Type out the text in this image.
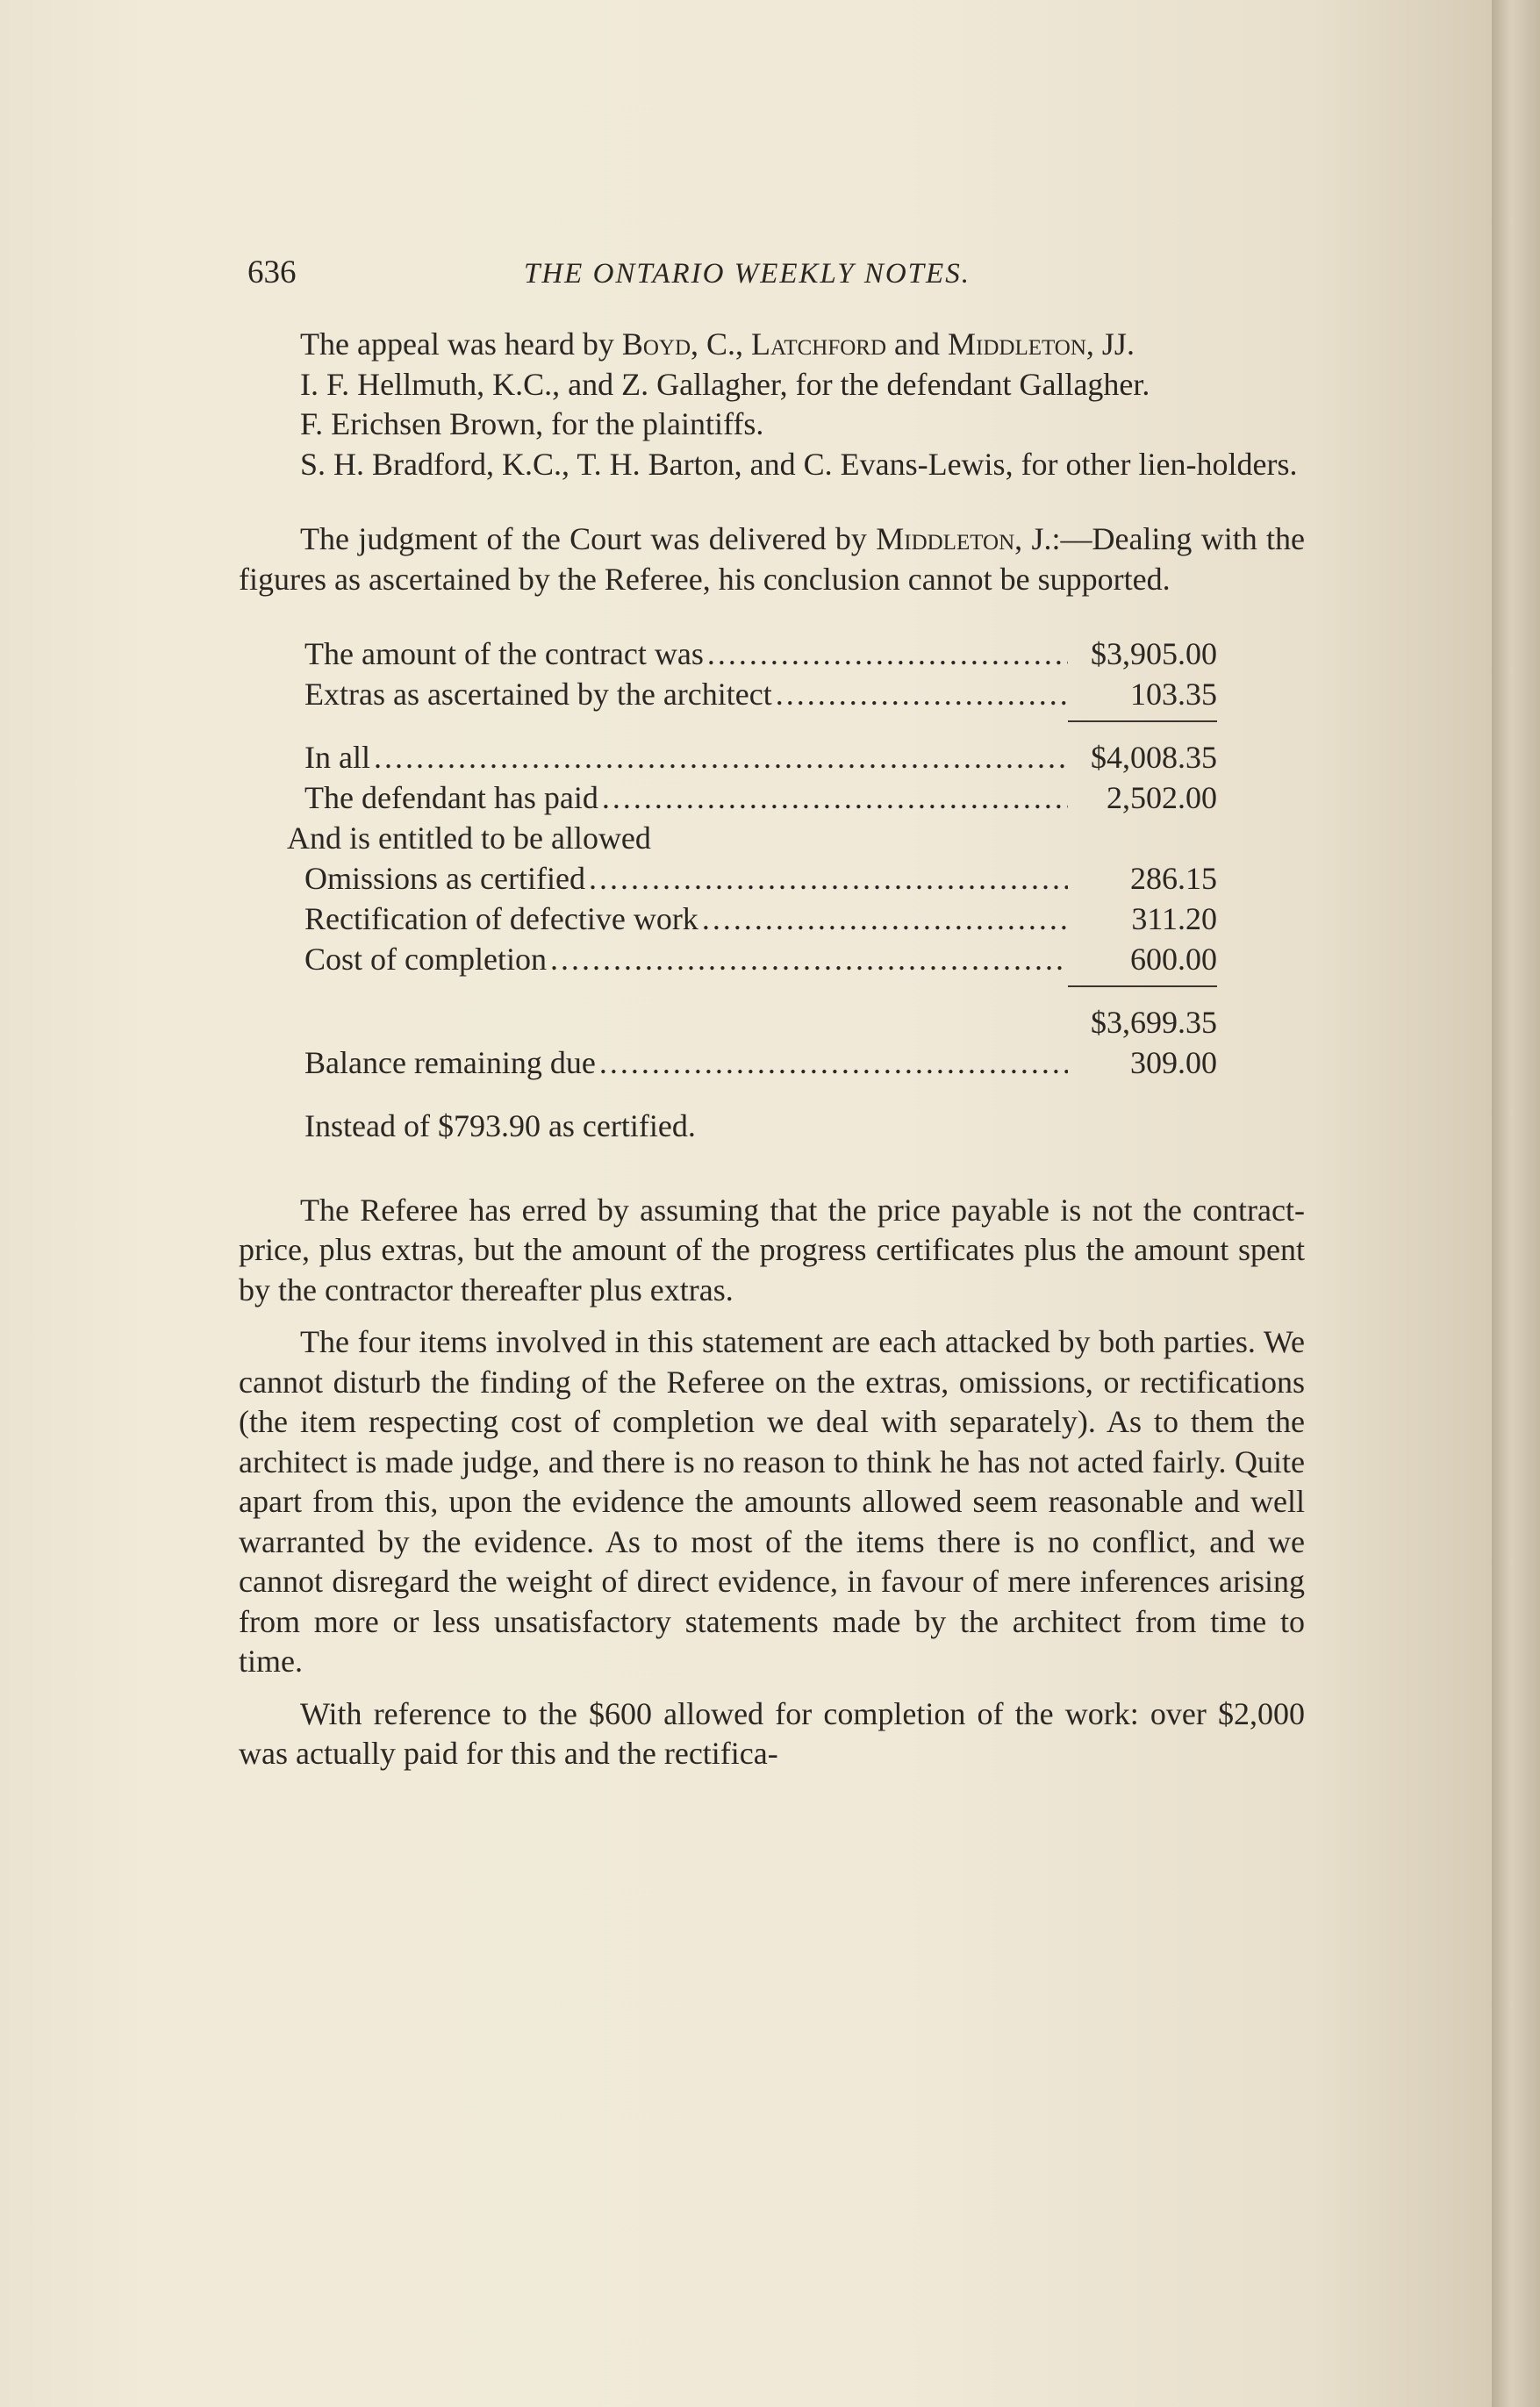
636	THE ONTARIO WEEKLY NOTES.

The appeal was heard by Boyd, C., Latchford and Middleton, JJ.

I. F. Hellmuth, K.C., and Z. Gallagher, for the defendant Gallagher.

F. Erichsen Brown, for the plaintiffs.

S. H. Bradford, K.C., T. H. Barton, and C. Evans-Lewis, for other lien-holders.

The judgment of the Court was delivered by Middleton, J.:—Dealing with the figures as ascertained by the Referee, his conclusion cannot be supported.

The amount of the contract was .....	$3,905.00
Extras as ascertained by the architect .....	103.35
In all .....	$4,008.35
The defendant has paid .....	2,502.00
And is entitled to be allowed
Omissions as certified .....	286.15
Rectification of defective work .....	311.20
Cost of completion .....	600.00
$3,699.35
Balance remaining due .....	309.00

Instead of $793.90 as certified.

The Referee has erred by assuming that the price payable is not the contract-price, plus extras, but the amount of the progress certificates plus the amount spent by the contractor thereafter plus extras.

The four items involved in this statement are each attacked by both parties. We cannot disturb the finding of the Referee on the extras, omissions, or rectifications (the item respecting cost of completion we deal with separately). As to them the architect is made judge, and there is no reason to think he has not acted fairly. Quite apart from this, upon the evidence the amounts allowed seem reasonable and well warranted by the evidence. As to most of the items there is no conflict, and we cannot disregard the weight of direct evidence, in favour of mere inferences arising from more or less unsatisfactory statements made by the architect from time to time.

With reference to the $600 allowed for completion of the work: over $2,000 was actually paid for this and the rectifica-
